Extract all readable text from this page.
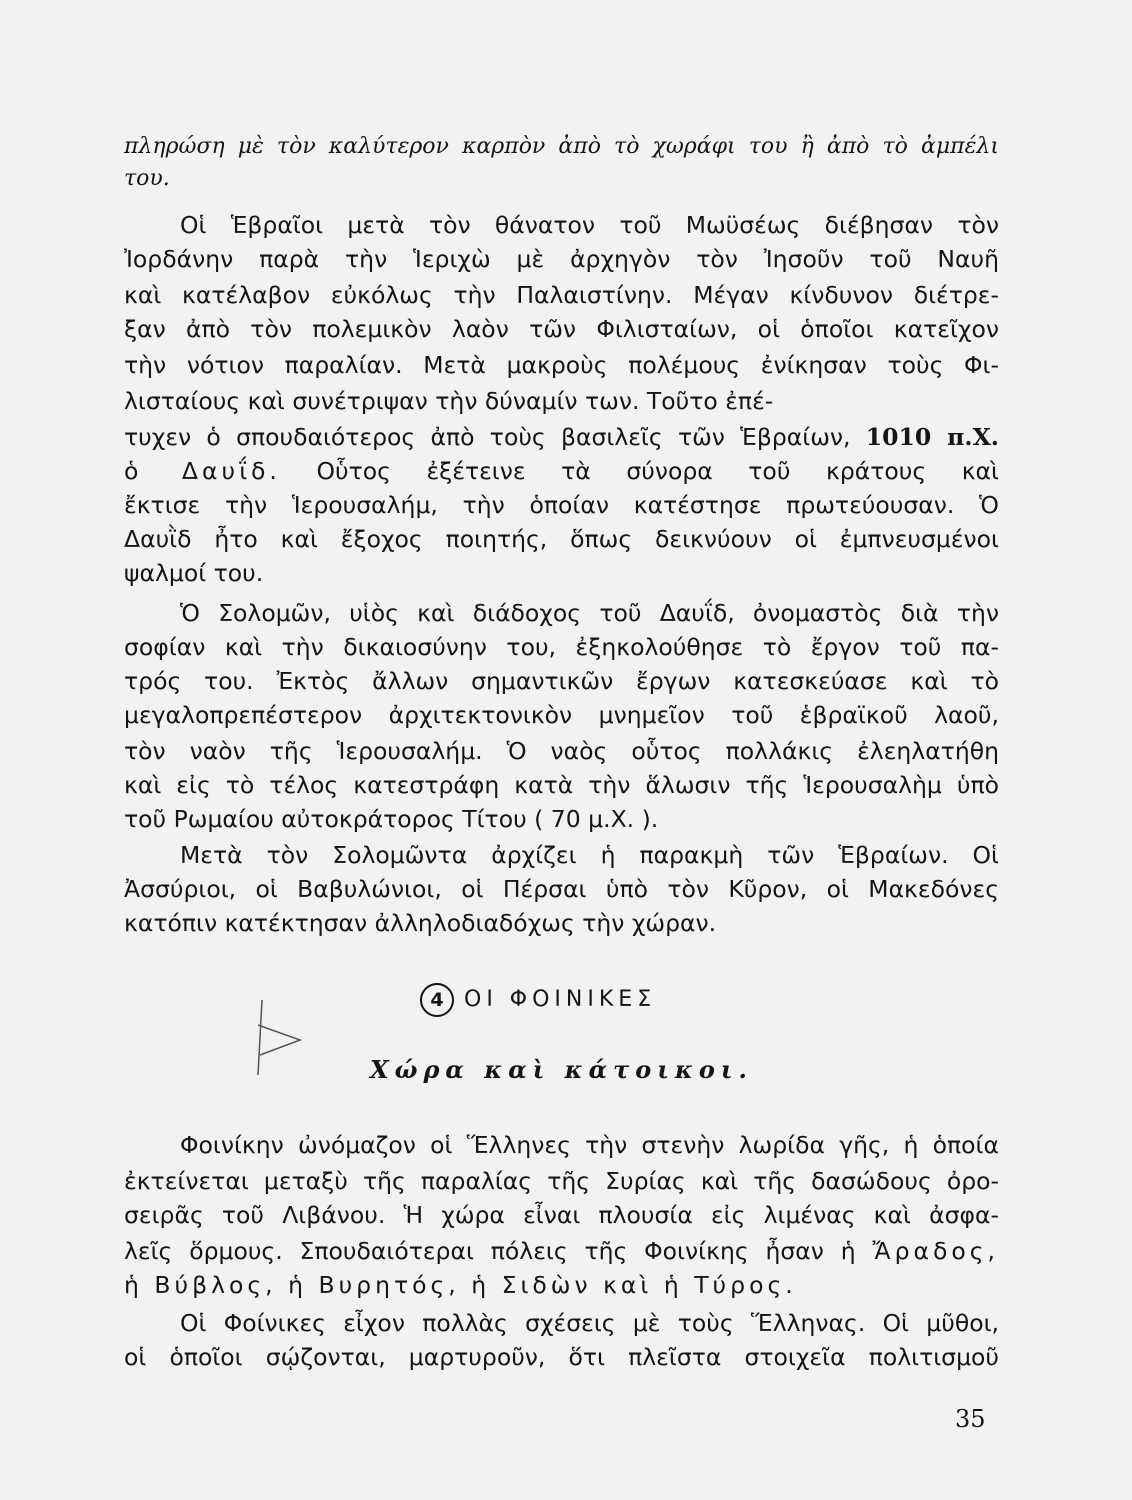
πληρώση μὲ τὸν καλύτερον καρπὸν ἀπὸ τὸ χωράφι του ἢ ἀπὸ τὸ ἀμπέλι
του.
Οἱ Ἑβραῖοι μετὰ τὸν θάνατον τοῦ Μωϋσέως διέβησαν τὸν
Ἰορδάνην παρὰ τὴν Ἱεριχὼ μὲ ἀρχηγὸν τὸν Ἰησοῦν τοῦ Ναυῆ
καὶ κατέλαβον εὐκόλως τὴν Παλαιστίνην. Μέγαν κίνδυνον διέτρε-
ξαν ἀπὸ τὸν πολεμικὸν λαὸν τῶν Φιλισταίων, οἱ ὁποῖοι κατεῖχον
τὴν νότιον παραλίαν. Μετὰ μακροὺς πολέμους ἐνίκησαν τοὺς Φι-
λισταίους καὶ συνέτριψαν τὴν δύναμίν των. Τοῦτο ἐπέ-
τυχεν ὁ σπουδαιότερος ἀπὸ τοὺς βασιλεῖς τῶν Ἑβραίων, 1010 π.Χ.
ὁ Δαυΐδ. Οὗτος ἐξέτεινε τὰ σύνορα τοῦ κράτους καὶ
ἔκτισε τὴν Ἱερουσαλήμ, τὴν ὁποίαν κατέστησε πρωτεύουσαν. Ὁ
Δαυῒδ ἦτο καὶ ἔξοχος ποιητής, ὅπως δεικνύουν οἱ ἐμπνευσμένοι
ψαλμοί του.
Ὁ Σολομῶν, υἱὸς καὶ διάδοχος τοῦ Δαυΐδ, ὀνομαστὸς διὰ τὴν
σοφίαν καὶ τὴν δικαιοσύνην του, ἐξηκολούθησε τὸ ἔργον τοῦ πα-
τρός του. Ἐκτὸς ἄλλων σημαντικῶν ἔργων κατεσκεύασε καὶ τὸ
μεγαλοπρεπέστερον ἀρχιτεκτονικὸν μνημεῖον τοῦ ἑβραϊκοῦ λαοῦ,
τὸν ναὸν τῆς Ἱερουσαλήμ. Ὁ ναὸς οὗτος πολλάκις ἐλεηλατήθη
καὶ εἰς τὸ τέλος κατεστράφη κατὰ τὴν ἅλωσιν τῆς Ἱερουσαλὴμ ὑπὸ
τοῦ Ρωμαίου αὐτοκράτορος Τίτου ( 70 μ.Χ. ).
Μετὰ τὸν Σολομῶντα ἀρχίζει ἡ παρακμὴ τῶν Ἑβραίων. Οἱ
Ἀσσύριοι, οἱ Βαβυλώνιοι, οἱ Πέρσαι ὑπὸ τὸν Κῦρον, οἱ Μακεδόνες
κατόπιν κατέκτησαν ἀλληλοδιαδόχως τὴν χώραν.
4 ΟΙ ΦΟΙΝΙΚΕΣ
Χώρα καὶ κάτοικοι.
Φοινίκην ὠνόμαζον οἱ Ἕλληνες τὴν στενὴν λωρίδα γῆς, ἡ ὁποία
ἐκτείνεται μεταξὺ τῆς παραλίας τῆς Συρίας καὶ τῆς δασώδους ὀρο-
σειρᾶς τοῦ Λιβάνου. Ἡ χώρα εἶναι πλουσία εἰς λιμένας καὶ ἀσφα-
λεῖς ὅρμους. Σπουδαιότεραι πόλεις τῆς Φοινίκης ἦσαν ἡ Ἄραδος,
ἡ Βύβλος, ἡ Βυρητός, ἡ Σιδὼν καὶ ἡ Τύρος.
Οἱ Φοίνικες εἶχον πολλὰς σχέσεις μὲ τοὺς Ἕλληνας. Οἱ μῦθοι,
οἱ ὁποῖοι σῴζονται, μαρτυροῦν, ὅτι πλεῖστα στοιχεῖα πολιτισμοῦ
35
